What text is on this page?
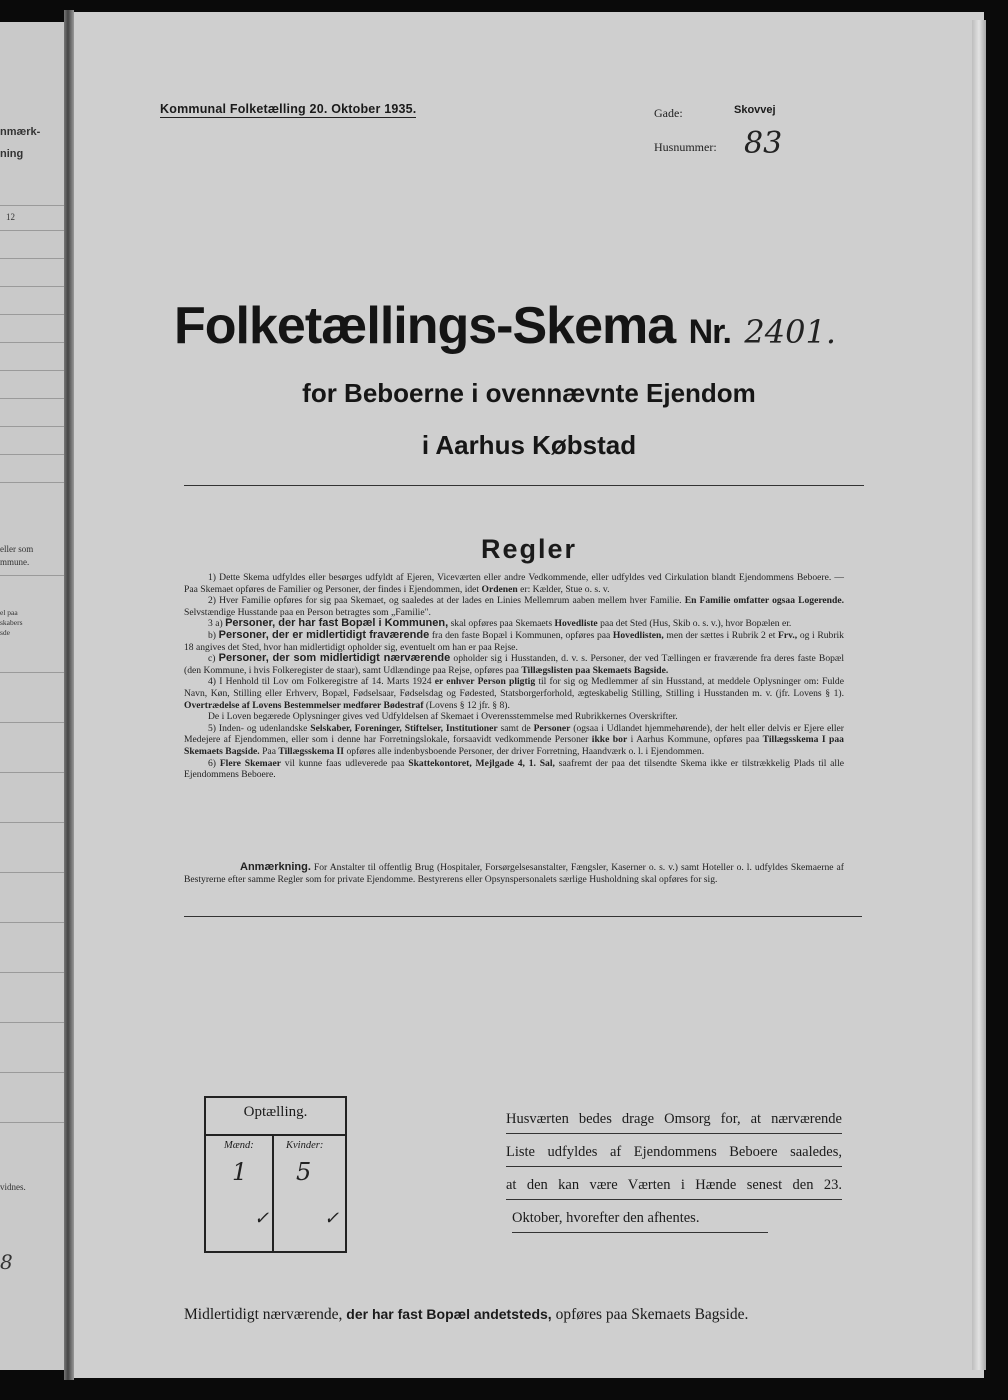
nmærk-
ning
12
eller som
mmune.
el paa
skabers
sde
vidnes.
8
Kommunal Folketælling 20. Oktober 1935.	Gade:	Skovvej
Husnummer: 83
Folketællings-Skema Nr. 2401.
for Beboerne i ovennævnte Ejendom
i Aarhus Købstad
Regler

1) Dette Skema udfyldes eller besørges udfyldt af Ejeren, Viceværten eller andre Vedkommende, eller udfyldes ved Cirkulation blandt Ejendommens Beboere. — Paa Skemaet opføres de Familier og Personer, der findes i Ejendommen, idet Ordenen er: Kælder, Stue o. s. v.

2) Hver Familie opføres for sig paa Skemaet, og saaledes at der lades en Linies Mellemrum aaben mellem hver Familie. En Familie omfatter ogsaa Logerende. Selvstændige Husstande paa en Person betragtes som „Familie".

3 a) Personer, der har fast Bopæl i Kommunen, skal opføres paa Skemaets Hovedliste paa det Sted (Hus, Skib o. s. v.), hvor Bopælen er.

b) Personer, der er midlertidigt fraværende fra den faste Bopæl i Kommunen, opføres paa Hovedlisten, men der sættes i Rubrik 2 et Frv., og i Rubrik 18 angives det Sted, hvor han midlertidigt opholder sig, eventuelt om han er paa Rejse.

c) Personer, der som midlertidigt nærværende opholder sig i Husstanden, d. v. s. Personer, der ved Tællingen er fraværende fra deres faste Bopæl (den Kommune, i hvis Folkeregister de staar), samt Udlændinge paa Rejse, opføres paa Tillægslisten paa Skemaets Bagside.

4) I Henhold til Lov om Folkeregistre af 14. Marts 1924 er enhver Person pligtig til for sig og Medlemmer af sin Husstand, at meddele Oplysninger om: Fulde Navn, Køn, Stilling eller Erhverv, Bopæl, Fødselsaar, Fødselsdag og Fødested, Statsborgerforhold, ægteskabelig Stilling, Stilling i Husstanden m. v. (jfr. Lovens § 1). Overtrædelse af Lovens Bestemmelser medfører Bødestraf (Lovens § 12 jfr. § 8).

De i Loven begærede Oplysninger gives ved Udfyldelsen af Skemaet i Overensstemmelse med Rubrikkernes Overskrifter.

5) Inden- og udenlandske Selskaber, Foreninger, Stiftelser, Institutioner samt de Personer (ogsaa i Udlandet hjemmehørende), der helt eller delvis er Ejere eller Medejere af Ejendommen, eller som i denne har Forretningslokale, forsaavidt vedkommende Personer ikke bor i Aarhus Kommune, opføres paa Tillægsskema I paa Skemaets Bagside. Paa Tillægsskema II opføres alle indenbysboende Personer, der driver Forretning, Haandværk o. l. i Ejendommen.

6) Flere Skemaer vil kunne faas udleverede paa Skattekontoret, Mejlgade 4, 1. Sal, saafremt der paa det tilsendte Skema ikke er tilstrækkelig Plads til alle Ejendommens Beboere.

Anmærkning. For Anstalter til offentlig Brug (Hospitaler, Forsørgelsesanstalter, Fængsler, Kaserner o. s. v.) samt Hoteller o. l. udfyldes Skemaerne af Bestyrerne efter samme Regler som for private Ejendomme. Bestyrerens eller Opsynspersonalets særlige Husholdning skal opføres for sig.

Optælling.
Mænd:	Kvinder:
1 5
✓	✓
Husværten bedes drage Omsorg for, at nærværende
Liste udfyldes af Ejendommens Beboere saaledes,
at den kan være Værten i Hænde senest den 23.
Oktober, hvorefter den afhentes.
Midlertidigt nærværende, der har fast Bopæl andetsteds, opføres paa Skemaets Bagside.
